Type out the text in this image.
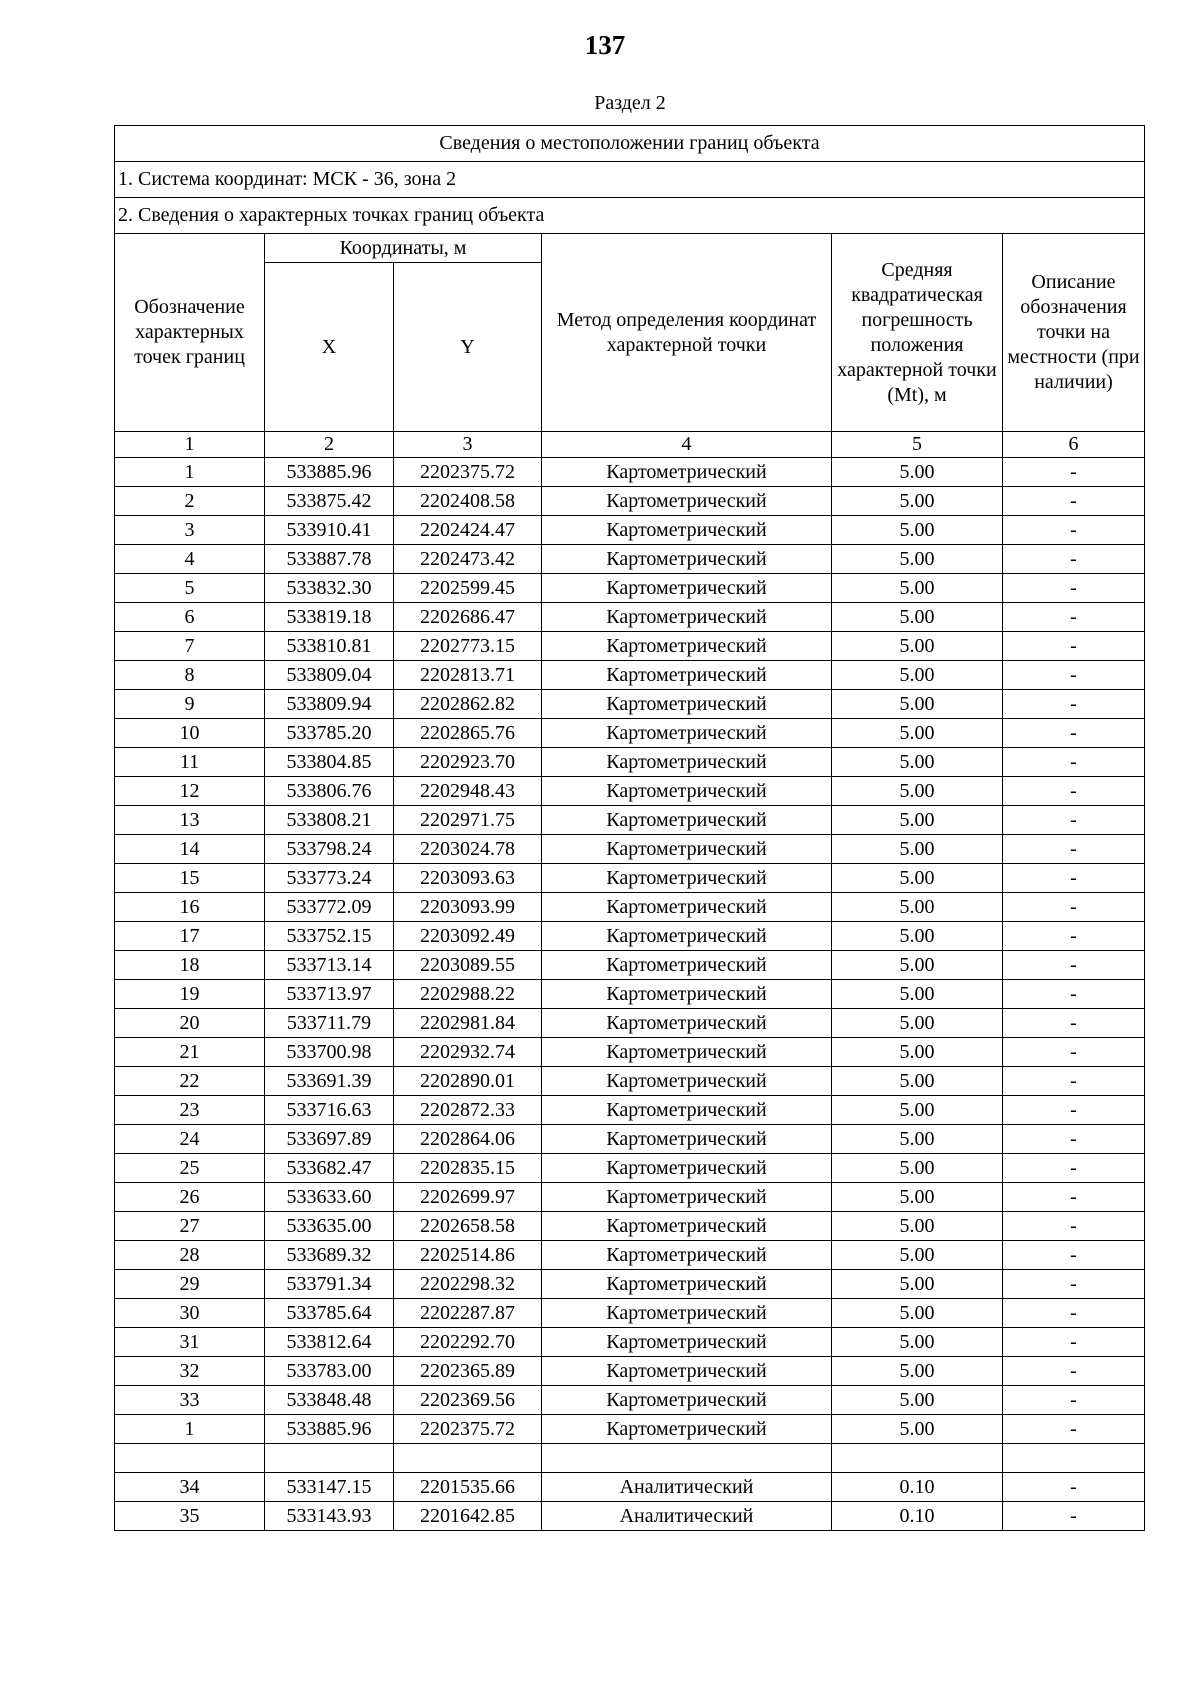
137
Раздел 2
Сведения о местоположении границ объекта					
1. Система координат: МСК - 36, зона 2					
2. Сведения о характерных точках границ объекта					
Обозначение характерных точек границ	Координаты, м		Метод определения координат характерной точки	Средняя квадратическая погрешность положения характерной точки (Mt), м	Описание обозначения точки на местности (при наличии)
	X	Y			
1	2	3	4	5	6
1	533885.96	2202375.72	Картометрический	5.00	-
2	533875.42	2202408.58	Картометрический	5.00	-
3	533910.41	2202424.47	Картометрический	5.00	-
4	533887.78	2202473.42	Картометрический	5.00	-
5	533832.30	2202599.45	Картометрический	5.00	-
6	533819.18	2202686.47	Картометрический	5.00	-
7	533810.81	2202773.15	Картометрический	5.00	-
8	533809.04	2202813.71	Картометрический	5.00	-
9	533809.94	2202862.82	Картометрический	5.00	-
10	533785.20	2202865.76	Картометрический	5.00	-
11	533804.85	2202923.70	Картометрический	5.00	-
12	533806.76	2202948.43	Картометрический	5.00	-
13	533808.21	2202971.75	Картометрический	5.00	-
14	533798.24	2203024.78	Картометрический	5.00	-
15	533773.24	2203093.63	Картометрический	5.00	-
16	533772.09	2203093.99	Картометрический	5.00	-
17	533752.15	2203092.49	Картометрический	5.00	-
18	533713.14	2203089.55	Картометрический	5.00	-
19	533713.97	2202988.22	Картометрический	5.00	-
20	533711.79	2202981.84	Картометрический	5.00	-
21	533700.98	2202932.74	Картометрический	5.00	-
22	533691.39	2202890.01	Картометрический	5.00	-
23	533716.63	2202872.33	Картометрический	5.00	-
24	533697.89	2202864.06	Картометрический	5.00	-
25	533682.47	2202835.15	Картометрический	5.00	-
26	533633.60	2202699.97	Картометрический	5.00	-
27	533635.00	2202658.58	Картометрический	5.00	-
28	533689.32	2202514.86	Картометрический	5.00	-
29	533791.34	2202298.32	Картометрический	5.00	-
30	533785.64	2202287.87	Картометрический	5.00	-
31	533812.64	2202292.70	Картометрический	5.00	-
32	533783.00	2202365.89	Картометрический	5.00	-
33	533848.48	2202369.56	Картометрический	5.00	-
1	533885.96	2202375.72	Картометрический	5.00	-

34	533147.15	2201535.66	Аналитический	0.10	-
35	533143.93	2201642.85	Аналитический	0.10	-
